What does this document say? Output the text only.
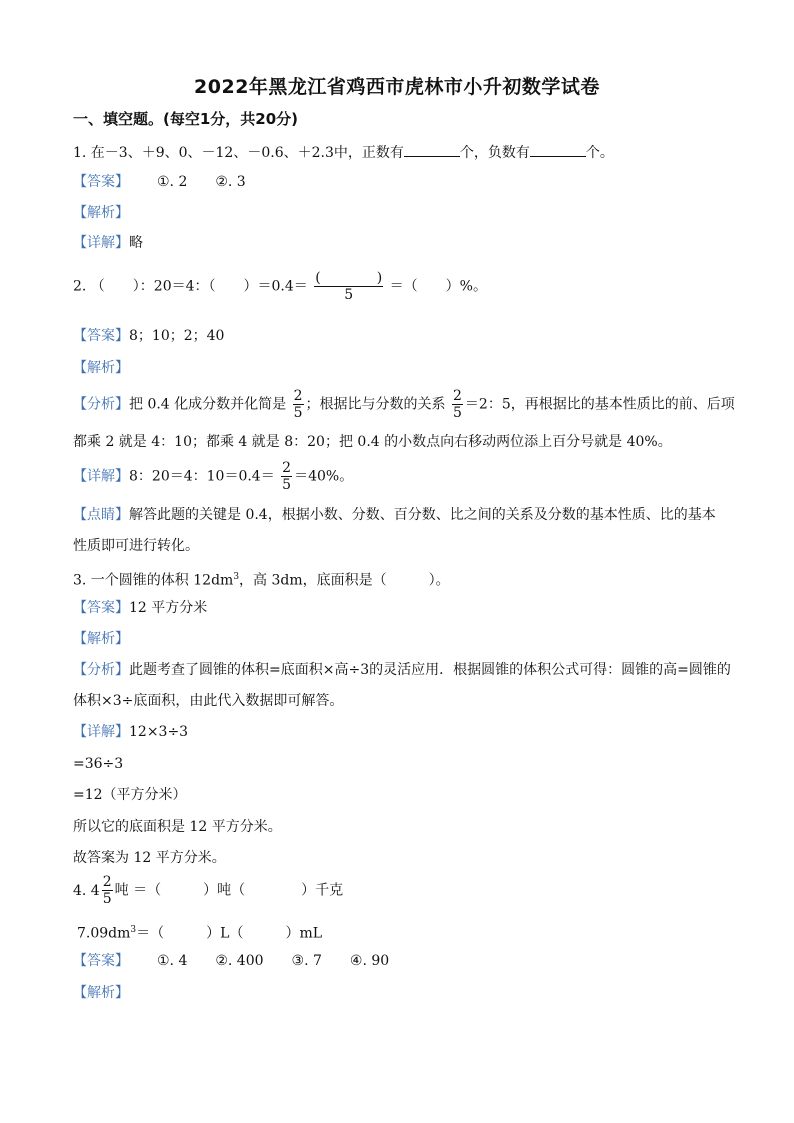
2022年黑龙江省鸡西市虎林市小升初数学试卷
一、填空题。(每空1分，共20分)
1. 在－3、＋9、0、－12、－0.6、＋2.3中，正数有	个，负数有	个。
【答案】 ①. 2 ②. 3
【解析】
【详解】略
2. （　　）：20＝4：（　　）$=0.4= \frac{( )}{5}$ ＝（　　）%。
【答案】8；10；2；40
【解析】
【分析】把 0.4 化成分数并化简是 $\frac{2}{5}$ ；根据比与分数的关系 $\frac{2}{5} =2$：5，再根据比的基本性质比的前、后项
都乘 2 就是 4：10；都乘 4 就是 8：20；把 0.4 的小数点向右移动两位添上百分号就是 40%。
【详解】8：20＝4：$10=0.4= \frac{2}{5} =40\%$。
【点睛】解答此题的关键是 0.4，根据小数、分数、百分数、比之间的关系及分数的基本性质、比的基本
性质即可进行转化。
3. 一个圆锥的体积 $12dm^3$，高 3dm，底面积是（　　　）。
【答案】12 平方分米
【解析】
【分析】此题考查了圆锥的体积=底面积×高÷3的灵活应用．根据圆锥的体积公式可得：圆锥的高=圆锥的
体积×3÷底面积，由此代入数据即可解答。
【详解】12×3÷3
=36÷3
=12（平方分米）
所以它的底面积是 12 平方分米。
故答案为 12 平方分米。
4. $4 \frac{2}{5}$ 吨 ＝（　　　）吨（　　　　）千克
$7.09dm^3=$（　　　）L（　　　）mL
【答案】 ①. 4 ②. 400 ③. 7 ④. 90
【解析】
